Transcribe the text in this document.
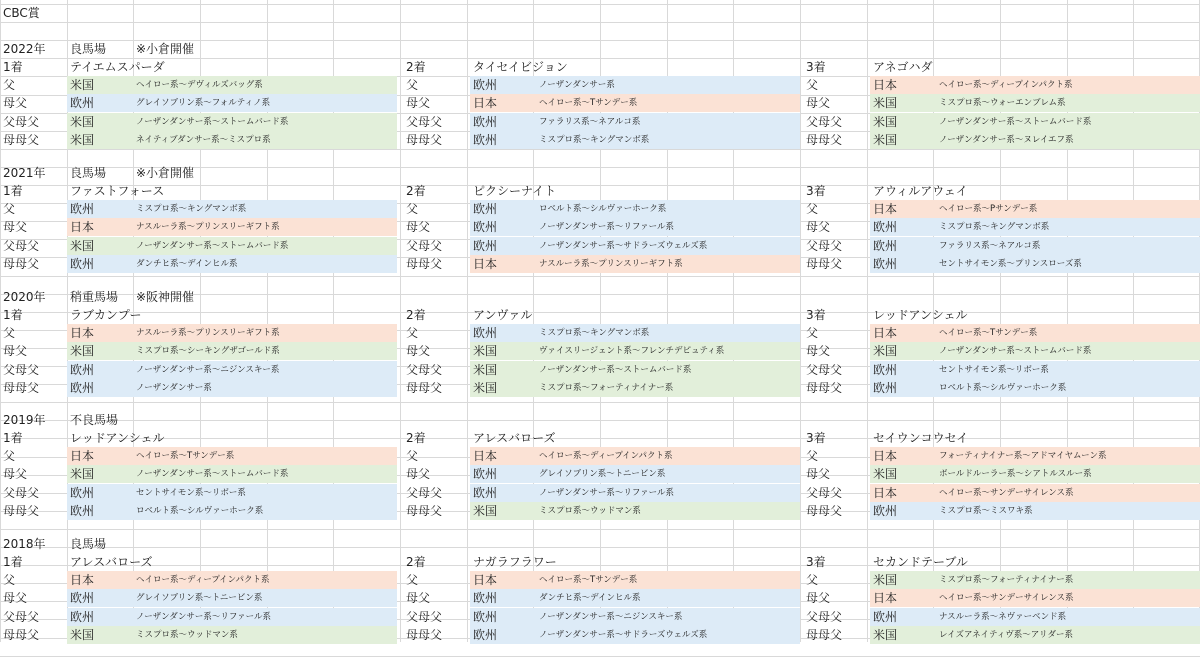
CBC賞
2022年 良馬場 ※小倉開催
1着	テイエムスパーダ
父	米国	ヘイロー系～デヴィルズバッグ系
母父	欧州	グレイソブリン系～フォルティノ系
父母父	米国	ノーザンダンサー系～ストームバード系
母母父	米国	ネイティブダンサー系～ミスプロ系
2着	タイセイビジョン
父	欧州	ノーザンダンサー系
母父	日本	ヘイロー系～Tサンデー系
父母父	欧州	ファラリス系～ネアルコ系
母母父	欧州	ミスプロ系～キングマンボ系
3着	アネゴハダ
父	日本	ヘイロー系～ディープインパクト系
母父	米国	ミスプロ系～ウォーエンブレム系
父母父	米国	ノーザンダンサー系～ストームバード系
母母父	米国	ノーザンダンサー系～ヌレイエフ系
2021年 良馬場 ※小倉開催
1着	ファストフォース
父	欧州	ミスプロ系～キングマンボ系
母父	日本	ナスルーラ系～プリンスリーギフト系
父母父	米国	ノーザンダンサー系～ストームバード系
母母父	欧州	ダンチヒ系～デインヒル系
2着	ピクシーナイト
父	欧州	ロベルト系～シルヴァーホーク系
母父	欧州	ノーザンダンサー系～リファール系
父母父	欧州	ノーザンダンサー系～サドラーズウェルズ系
母母父	日本	ナスルーラ系～プリンスリーギフト系
3着	アウィルアウェイ
父	日本	ヘイロー系～Pサンデー系
母父	欧州	ミスプロ系～キングマンボ系
父母父	欧州	ファラリス系～ネアルコ系
母母父	欧州	セントサイモン系～プリンスローズ系
2020年 稍重馬場 ※阪神開催
1着	ラブカンプー
父	日本	ナスルーラ系～プリンスリーギフト系
母父	米国	ミスプロ系～シーキングザゴールド系
父母父	欧州	ノーザンダンサー系～ニジンスキー系
母母父	欧州	ノーザンダンサー系
2着	アンヴァル
父	欧州	ミスプロ系～キングマンボ系
母父	米国	ヴァイスリージェント系～フレンチデピュティ系
父母父	米国	ノーザンダンサー系～ストームバード系
母母父	米国	ミスプロ系～フォーティナイナー系
3着	レッドアンシェル
父	日本	ヘイロー系～Tサンデー系
母父	米国	ノーザンダンサー系～ストームバード系
父母父	欧州	セントサイモン系～リボー系
母母父	欧州	ロベルト系～シルヴァーホーク系
2019年 不良馬場
1着	レッドアンシェル
父	日本	ヘイロー系～Tサンデー系
母父	米国	ノーザンダンサー系～ストームバード系
父母父	欧州	セントサイモン系～リボー系
母母父	欧州	ロベルト系～シルヴァーホーク系
2着	アレスバローズ
父	日本	ヘイロー系～ディープインパクト系
母父	欧州	グレイソブリン系～トニービン系
父母父	欧州	ノーザンダンサー系～リファール系
母母父	米国	ミスプロ系～ウッドマン系
3着	セイウンコウセイ
父	日本	フォーティナイナー系～アドマイヤムーン系
母父	米国	ボールドルーラー系～シアトルスルー系
父母父	日本	ヘイロー系～サンデーサイレンス系
母母父	欧州	ミスプロ系～ミスワキ系
2018年 良馬場
1着	アレスバローズ
父	日本	ヘイロー系～ディープインパクト系
母父	欧州	グレイソブリン系～トニービン系
父母父	欧州	ノーザンダンサー系～リファール系
母母父	米国	ミスプロ系～ウッドマン系
2着	ナガラフラワー
父	日本	ヘイロー系～Tサンデー系
母父	欧州	ダンチヒ系～デインヒル系
父母父	欧州	ノーザンダンサー系～ニジンスキー系
母母父	欧州	ノーザンダンサー系～サドラーズウェルズ系
3着	セカンドテーブル
父	米国	ミスプロ系～フォーティナイナー系
母父	日本	ヘイロー系～サンデーサイレンス系
父母父	欧州	ナスルーラ系～ネヴァーベンド系
母母父	米国	レイズアネイティヴ系～アリダー系
